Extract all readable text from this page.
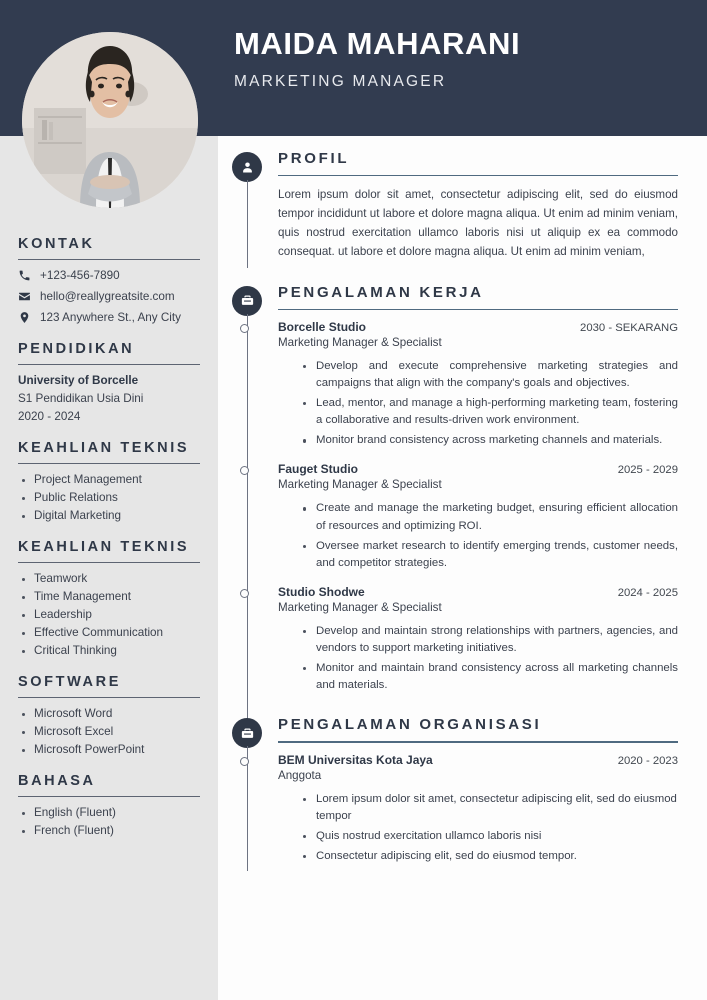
MAIDA MAHARANI
MARKETING MANAGER
KONTAK
+123-456-7890
hello@reallygreatsite.com
123 Anywhere St., Any City
PENDIDIKAN
University of Borcelle
S1 Pendidikan Usia Dini
2020 - 2024
KEAHLIAN TEKNIS
Project Management
Public Relations
Digital Marketing
KEAHLIAN TEKNIS
Teamwork
Time Management
Leadership
Effective Communication
Critical Thinking
SOFTWARE
Microsoft Word
Microsoft Excel
Microsoft PowerPoint
BAHASA
English (Fluent)
French (Fluent)
PROFIL

Lorem ipsum dolor sit amet, consectetur adipiscing elit, sed do eiusmod tempor incididunt ut labore et dolore magna aliqua. Ut enim ad minim veniam, quis nostrud exercitation ullamco laboris nisi ut aliquip ex ea commodo consequat. ut labore et dolore magna aliqua. Ut enim ad minim veniam,

PENGALAMAN KERJA
Borcelle Studio	2030 - SEKARANG
Marketing Manager & Specialist
Develop and execute comprehensive marketing strategies and campaigns that align with the company's goals and objectives.
Lead, mentor, and manage a high-performing marketing team, fostering a collaborative and results-driven work environment.
Monitor brand consistency across marketing channels and materials.
Fauget Studio	2025 - 2029
Marketing Manager & Specialist
Create and manage the marketing budget, ensuring efficient allocation of resources and optimizing ROI.
Oversee market research to identify emerging trends, customer needs, and competitor strategies.
Studio Shodwe	2024 - 2025
Marketing Manager & Specialist
Develop and maintain strong relationships with partners, agencies, and vendors to support marketing initiatives.
Monitor and maintain brand consistency across all marketing channels and materials.
PENGALAMAN ORGANISASI
BEM Universitas Kota Jaya	2020 - 2023
Anggota
Lorem ipsum dolor sit amet, consectetur adipiscing elit, sed do eiusmod tempor
Quis nostrud exercitation ullamco laboris nisi
Consectetur adipiscing elit, sed do eiusmod tempor.
